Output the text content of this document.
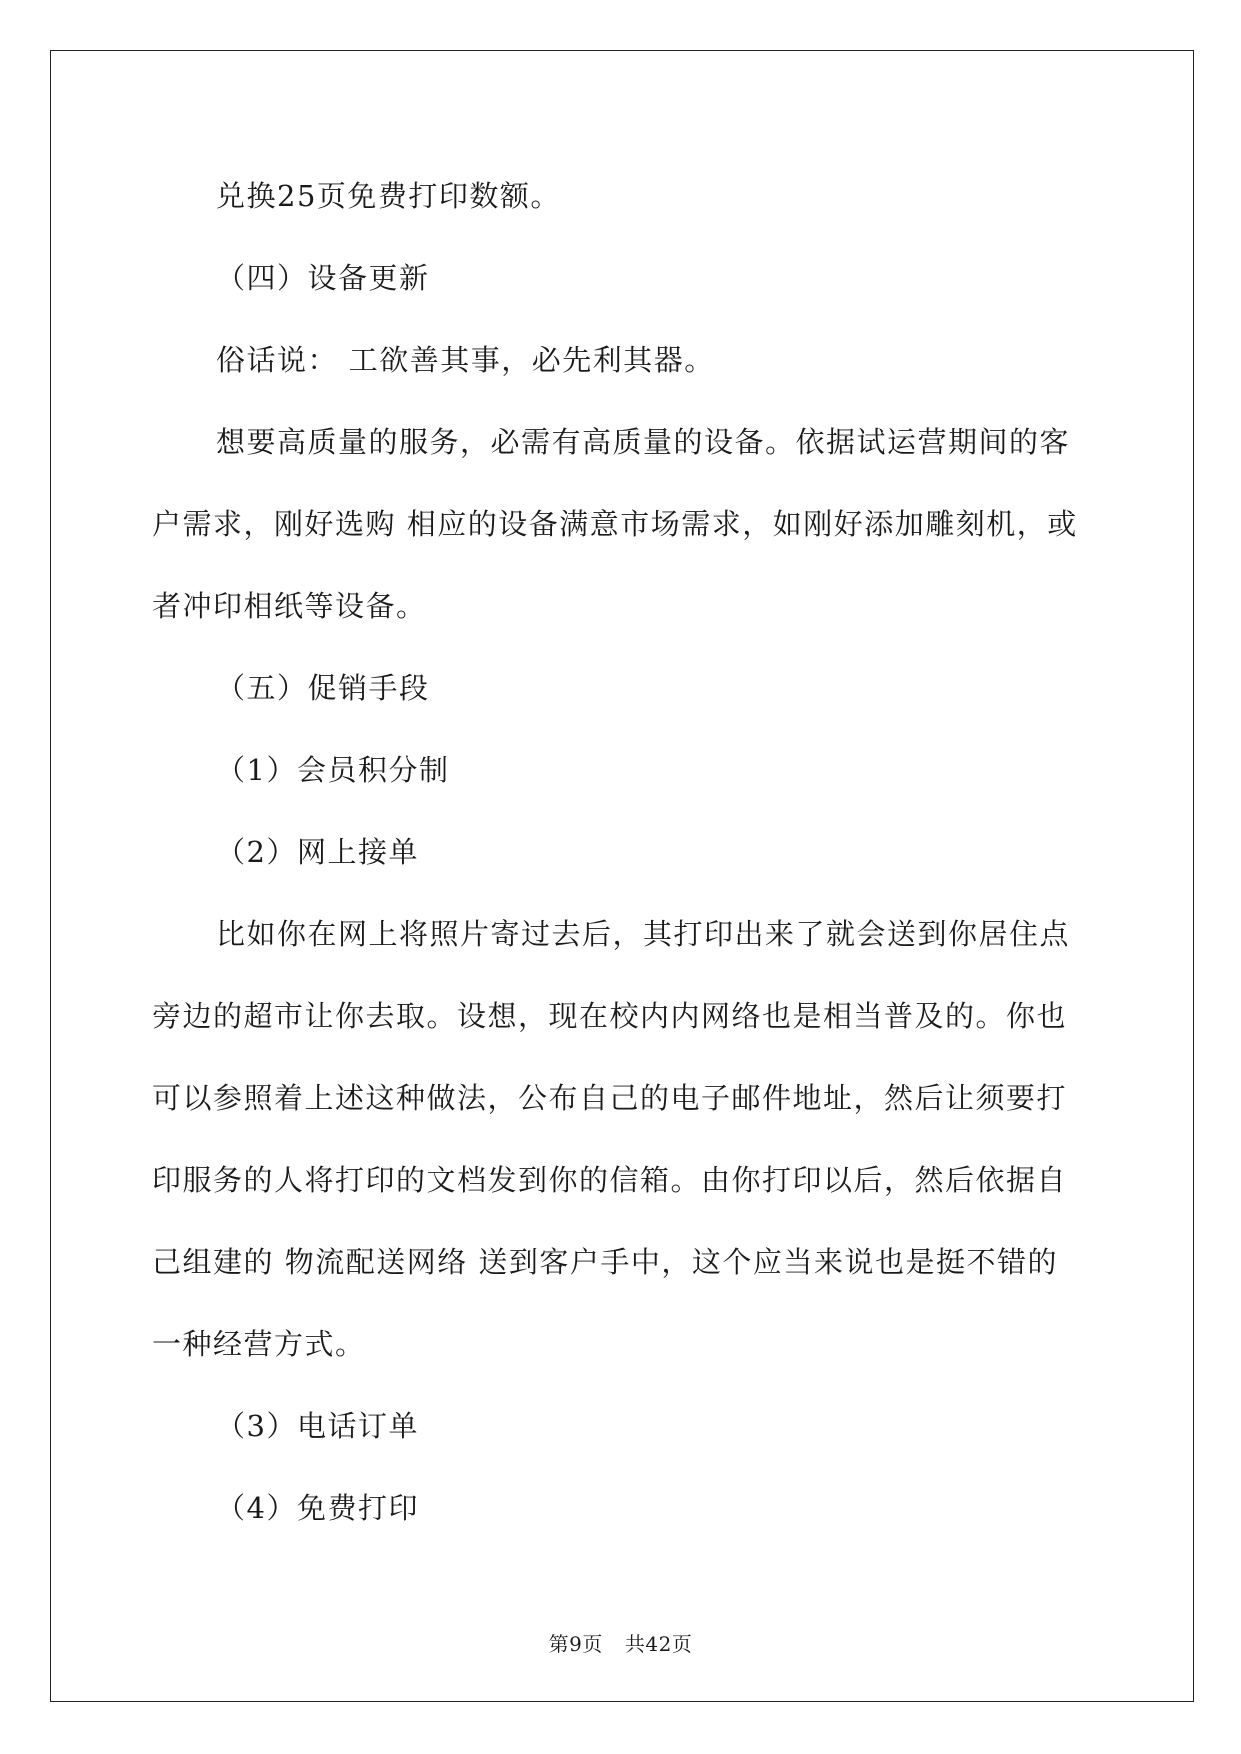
兑换25页免费打印数额。
（四）设备更新
俗话说： 工欲善其事，必先利其器。
想要高质量的服务，必需有高质量的设备。依据试运营期间的客
户需求，刚好选购 相应的设备满意市场需求，如刚好添加雕刻机，或
者冲印相纸等设备。
（五）促销手段
（1）会员积分制
（2）网上接单
比如你在网上将照片寄过去后，其打印出来了就会送到你居住点
旁边的超市让你去取。设想，现在校内内网络也是相当普及的。你也
可以参照着上述这种做法，公布自己的电子邮件地址，然后让须要打
印服务的人将打印的文档发到你的信箱。由你打印以后，然后依据自
己组建的 物流配送网络 送到客户手中，这个应当来说也是挺不错的
一种经营方式。
（3）电话订单
（4）免费打印
第9页 共42页
